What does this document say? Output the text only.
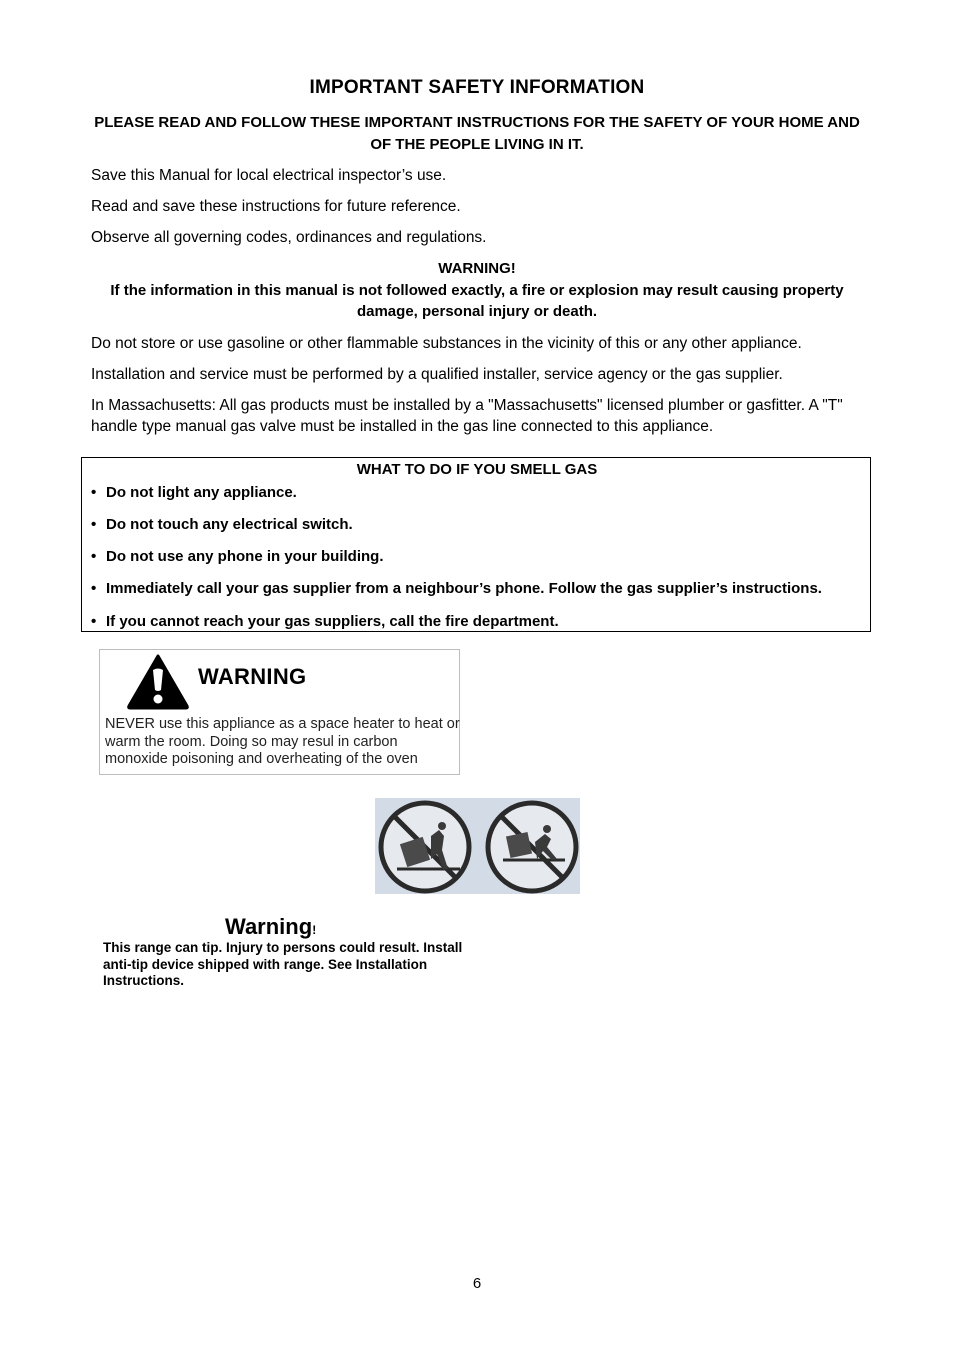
IMPORTANT SAFETY INFORMATION
PLEASE READ AND FOLLOW THESE IMPORTANT INSTRUCTIONS FOR THE SAFETY OF YOUR HOME AND OF THE PEOPLE LIVING IN IT.
Save this Manual for local electrical inspector’s use.
Read and save these instructions for future reference.
Observe all governing codes, ordinances and regulations.
WARNING!
If the information in this manual is not followed exactly, a fire or explosion may result causing property damage, personal injury or death.
Do not store or use gasoline or other flammable substances in the vicinity of this or any other appliance.
Installation and service must be performed by a qualified installer, service agency or the gas supplier.
In Massachusetts: All gas products must be installed by a "Massachusetts" licensed plumber or gasfitter. A "T" handle type manual gas valve must be installed in the gas line connected to this appliance.
WHAT TO DO IF YOU SMELL GAS
• Do not light any appliance.
• Do not touch any electrical switch.
• Do not use any phone in your building.
• Immediately call your gas supplier from a neighbour’s phone. Follow the gas supplier’s instructions.
• If you cannot reach your gas suppliers, call the fire department.
WARNING
NEVER use this appliance as a space heater to heat or warm the room. Doing so may resul in carbon monoxide poisoning and overheating of the oven
Warning!
This range can tip. Injury to persons could result. Install anti-tip device shipped with range. See Installation Instructions.
6
